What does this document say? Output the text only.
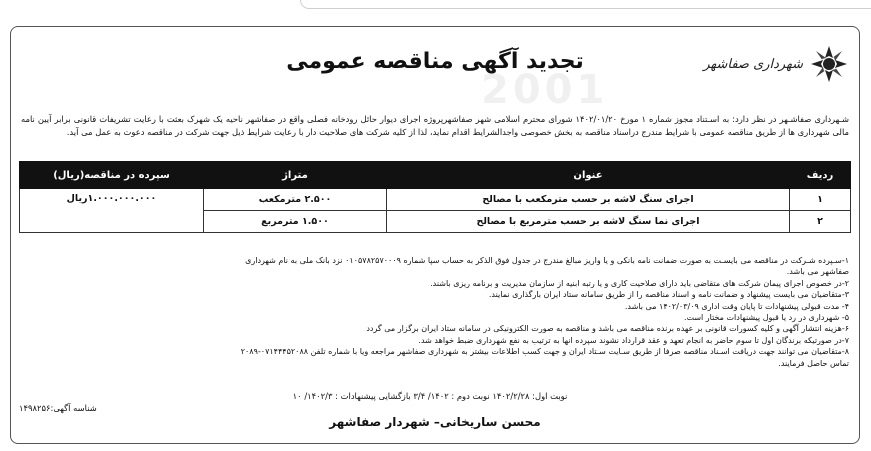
2001
شهرداری صفاشهر
تجدید آگهی مناقصه عمومی
شـهرداری صفاشـهر در نظر دارد: به اسـتناد مجوز شماره ۱ مورخ ۱۴۰۲/۰۱/۲۰ شورای محترم اسلامی شهر صفاشهرپروژه اجرای دیوار حائل رودخانه فصلی واقع در صفاشهر ناحیه یک شهرک بعثت با رعایت تشریفات قانونی برابر آیین نامه مالی شهرداری ها از طریق مناقصه عمومی با شرایط مندرج دراسناد مناقصه به بخش خصوصی واجدالشرایط اقدام نماید، لذا از کلیه شرکت های صلاحیت دار با رعایت شرایط ذیل جهت شرکت در مناقصه دعوت به عمل می آید.
ردیف	عنوان	متراژ	سپرده در مناقصه(ریال)
۱	اجرای سنگ لاشه بر حسب مترمکعب با مصالح	۲.۵۰۰ مترمکعب	۱.۰۰۰.۰۰۰.۰۰۰ریال
۲	اجرای نما سنگ لاشه بر حسب مترمربع با مصالح	۱.۵۰۰ مترمربع	
۱-سـپرده شـرکت در مناقصه می بایسـت به صورت ضمانت نامه بانکی و یا واریز مبالغ مندرج در جدول فوق الذکر به حساب سپا شماره ۰۱۰۵۷۸۲۵۷۰۰۰۹ نزد بانک ملی به نام شهرداری
صفاشهر می باشد.
۲-در خصوص اجرای پیمان شرکت های متقاضی باید دارای صلاحیت کاری و یا رتبه ابنیه از سازمان مدیریت و برنامه ریزی باشند.
۳-متقاضیان می بایست پیشنهاد و ضمانت نامه و اسناد مناقصه را از طریق سامانه ستاد ایران بارگذاری نمایند.
۴- مدت قبولی پیشنهادات تا پایان وقت اداری ۱۴۰۲/۰۳/۰۹ می باشد.
۵- شهرداری در رد یا قبول پیشنهادات مختار است.
۶-هزینه انتشار آگهی و کلیه کسورات قانونی بر عهده برنده مناقصه می باشد و مناقصه به صورت الکترونیکی در سامانه ستاد ایران برگزار می گردد
۷-در صورتیکه برندگان اول تا سوم حاضر به انجام تعهد و عقد قرارداد نشوند سپرده انها به ترتیب به نفع شهرداری ضبط خواهد شد.
۸-متقاضیان می توانند جهت دریافت اسـناد مناقصه صرفا از طریق سـایت سـتاد ایران و جهت کسب اطلاعات بیشتر به شهرداری صفاشهر مراجعه ویا با شماره تلفن ۰۷۱۴۴۴۵۲۰۸۸-۲۰۸۹
تماس حاصل فرمایند.
نوبت اول: ۱۴۰۲/۲/۲۸ نوبت دوم : ۱۴۰۲/ ۳/۴ بازگشایی پیشنهادات : ۱۴۰۲/۳/ ۱۰
شناسه آگهی:۱۴۹۸۲۵۶
محسن ساریخانی– شهردار صفاشهر
